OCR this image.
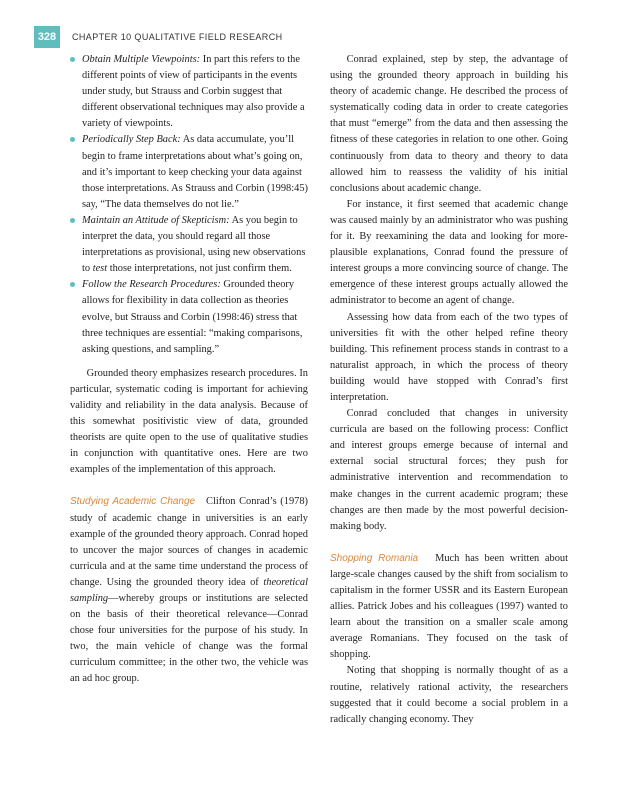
328	CHAPTER 10 QUALITATIVE FIELD RESEARCH
Obtain Multiple Viewpoints: In part this refers to the different points of view of participants in the events under study, but Strauss and Corbin suggest that different observational techniques may also provide a variety of viewpoints.
Periodically Step Back: As data accumulate, you’ll begin to frame interpretations about what’s going on, and it’s important to keep checking your data against those interpretations. As Strauss and Corbin (1998:45) say, “The data themselves do not lie.”
Maintain an Attitude of Skepticism: As you begin to interpret the data, you should regard all those interpretations as provisional, using new observations to test those interpretations, not just confirm them.
Follow the Research Procedures: Grounded theory allows for flexibility in data collection as theories evolve, but Strauss and Corbin (1998:46) stress that three techniques are essential: “making comparisons, asking questions, and sampling.”

Grounded theory emphasizes research procedures. In particular, systematic coding is important for achieving validity and reliability in the data analysis. Because of this somewhat positivistic view of data, grounded theorists are quite open to the use of qualitative studies in conjunction with quantitative ones. Here are two examples of the implementation of this approach.

Studying Academic Change Clifton Conrad’s (1978) study of academic change in universities is an early example of the grounded theory approach. Conrad hoped to uncover the major sources of changes in academic curricula and at the same time understand the process of change. Using the grounded theory idea of theoretical sampling—whereby groups or institutions are selected on the basis of their theoretical relevance—Conrad chose four universities for the purpose of his study. In two, the main vehicle of change was the formal curriculum committee; in the other two, the vehicle was an ad hoc group.

Conrad explained, step by step, the advantage of using the grounded theory approach in building his theory of academic change. He described the process of systematically coding data in order to create categories that must “emerge” from the data and then assessing the fitness of these categories in relation to one other. Going continuously from data to theory and theory to data allowed him to reassess the validity of his initial conclusions about academic change.

For instance, it first seemed that academic change was caused mainly by an administrator who was pushing for it. By reexamining the data and looking for more-plausible explanations, Conrad found the pressure of interest groups a more convincing source of change. The emergence of these interest groups actually allowed the administrator to become an agent of change.

Assessing how data from each of the two types of universities fit with the other helped refine theory building. This refinement process stands in contrast to a naturalist approach, in which the process of theory building would have stopped with Conrad’s first interpretation.

Conrad concluded that changes in university curricula are based on the following process: Conflict and interest groups emerge because of internal and external social structural forces; they push for administrative intervention and recommendation to make changes in the current academic program; these changes are then made by the most powerful decision-making body.

Shopping Romania Much has been written about large-scale changes caused by the shift from socialism to capitalism in the former USSR and its Eastern European allies. Patrick Jobes and his colleagues (1997) wanted to learn about the transition on a smaller scale among average Romanians. They focused on the task of shopping.

Noting that shopping is normally thought of as a routine, relatively rational activity, the researchers suggested that it could become a social problem in a radically changing economy. They
